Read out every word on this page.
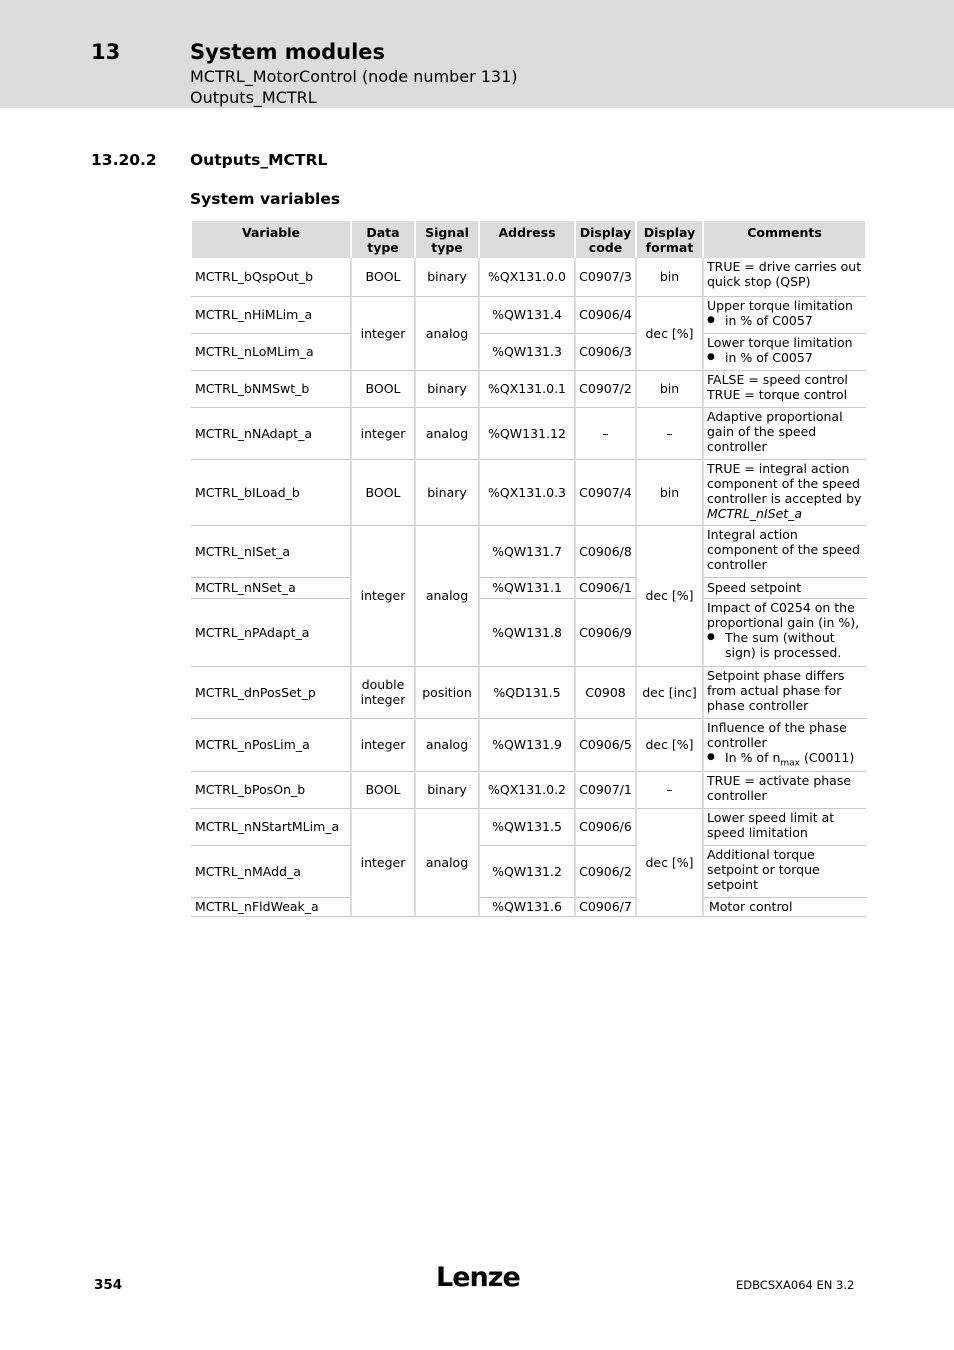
13	System modules
MCTRL_MotorControl (node number 131)
Outputs_MCTRL
13.20.2 Outputs_MCTRL
System variables
Variable	Data type	Signal type	Address	Display code	Display format	Comments
MCTRL_bQspOut_b	BOOL	binary	%QX131.0.0	C0907/3	bin	TRUE = drive carries out quick stop (QSP)
MCTRL_nHiMLim_a	integer	analog	%QW131.4	C0906/4	dec [%]	Upper torque limitation
● in % of C0057

MCTRL_nLoMLim_a			%QW131.3	C0906/3		Lower torque limitation
● in % of C0057

MCTRL_bNMSwt_b	BOOL	binary	%QX131.0.1	C0907/2	bin	FALSE = speed control
TRUE = torque control
MCTRL_nNAdapt_a	integer	analog	%QW131.12	–	–	Adaptive proportional gain of the speed controller
MCTRL_bILoad_b	BOOL	binary	%QX131.0.3	C0907/4	bin	TRUE = integral action component of the speed controller is accepted by
MCTRL_nISet_a
MCTRL_nISet_a	integer	analog	%QW131.7	C0906/8	dec [%]	Integral action component of the speed controller
MCTRL_nNSet_a			%QW131.1	C0906/1		Speed setpoint
MCTRL_nPAdapt_a			%QW131.8	C0906/9		Impact of C0254 on the proportional gain (in %),
● The sum (without sign) is processed.

MCTRL_dnPosSet_p	double integer	position	%QD131.5	C0908	dec [inc]	Setpoint phase differs from actual phase for phase controller
MCTRL_nPosLim_a	integer	analog	%QW131.9	C0906/5	dec [%]	Influence of the phase controller
● In % of $n_{max}$ (C0011)

MCTRL_bPosOn_b	BOOL	binary	%QX131.0.2	C0907/1	–	TRUE = activate phase controller
MCTRL_nNStartMLim_a	integer	analog	%QW131.5	C0906/6	dec [%]	Lower speed limit at speed limitation
MCTRL_nMAdd_a			%QW131.2	C0906/2		Additional torque setpoint or torque setpoint
MCTRL_nFldWeak_a			%QW131.6	C0906/7		Motor control
354	Lenze	EDBCSXA064 EN 3.2
